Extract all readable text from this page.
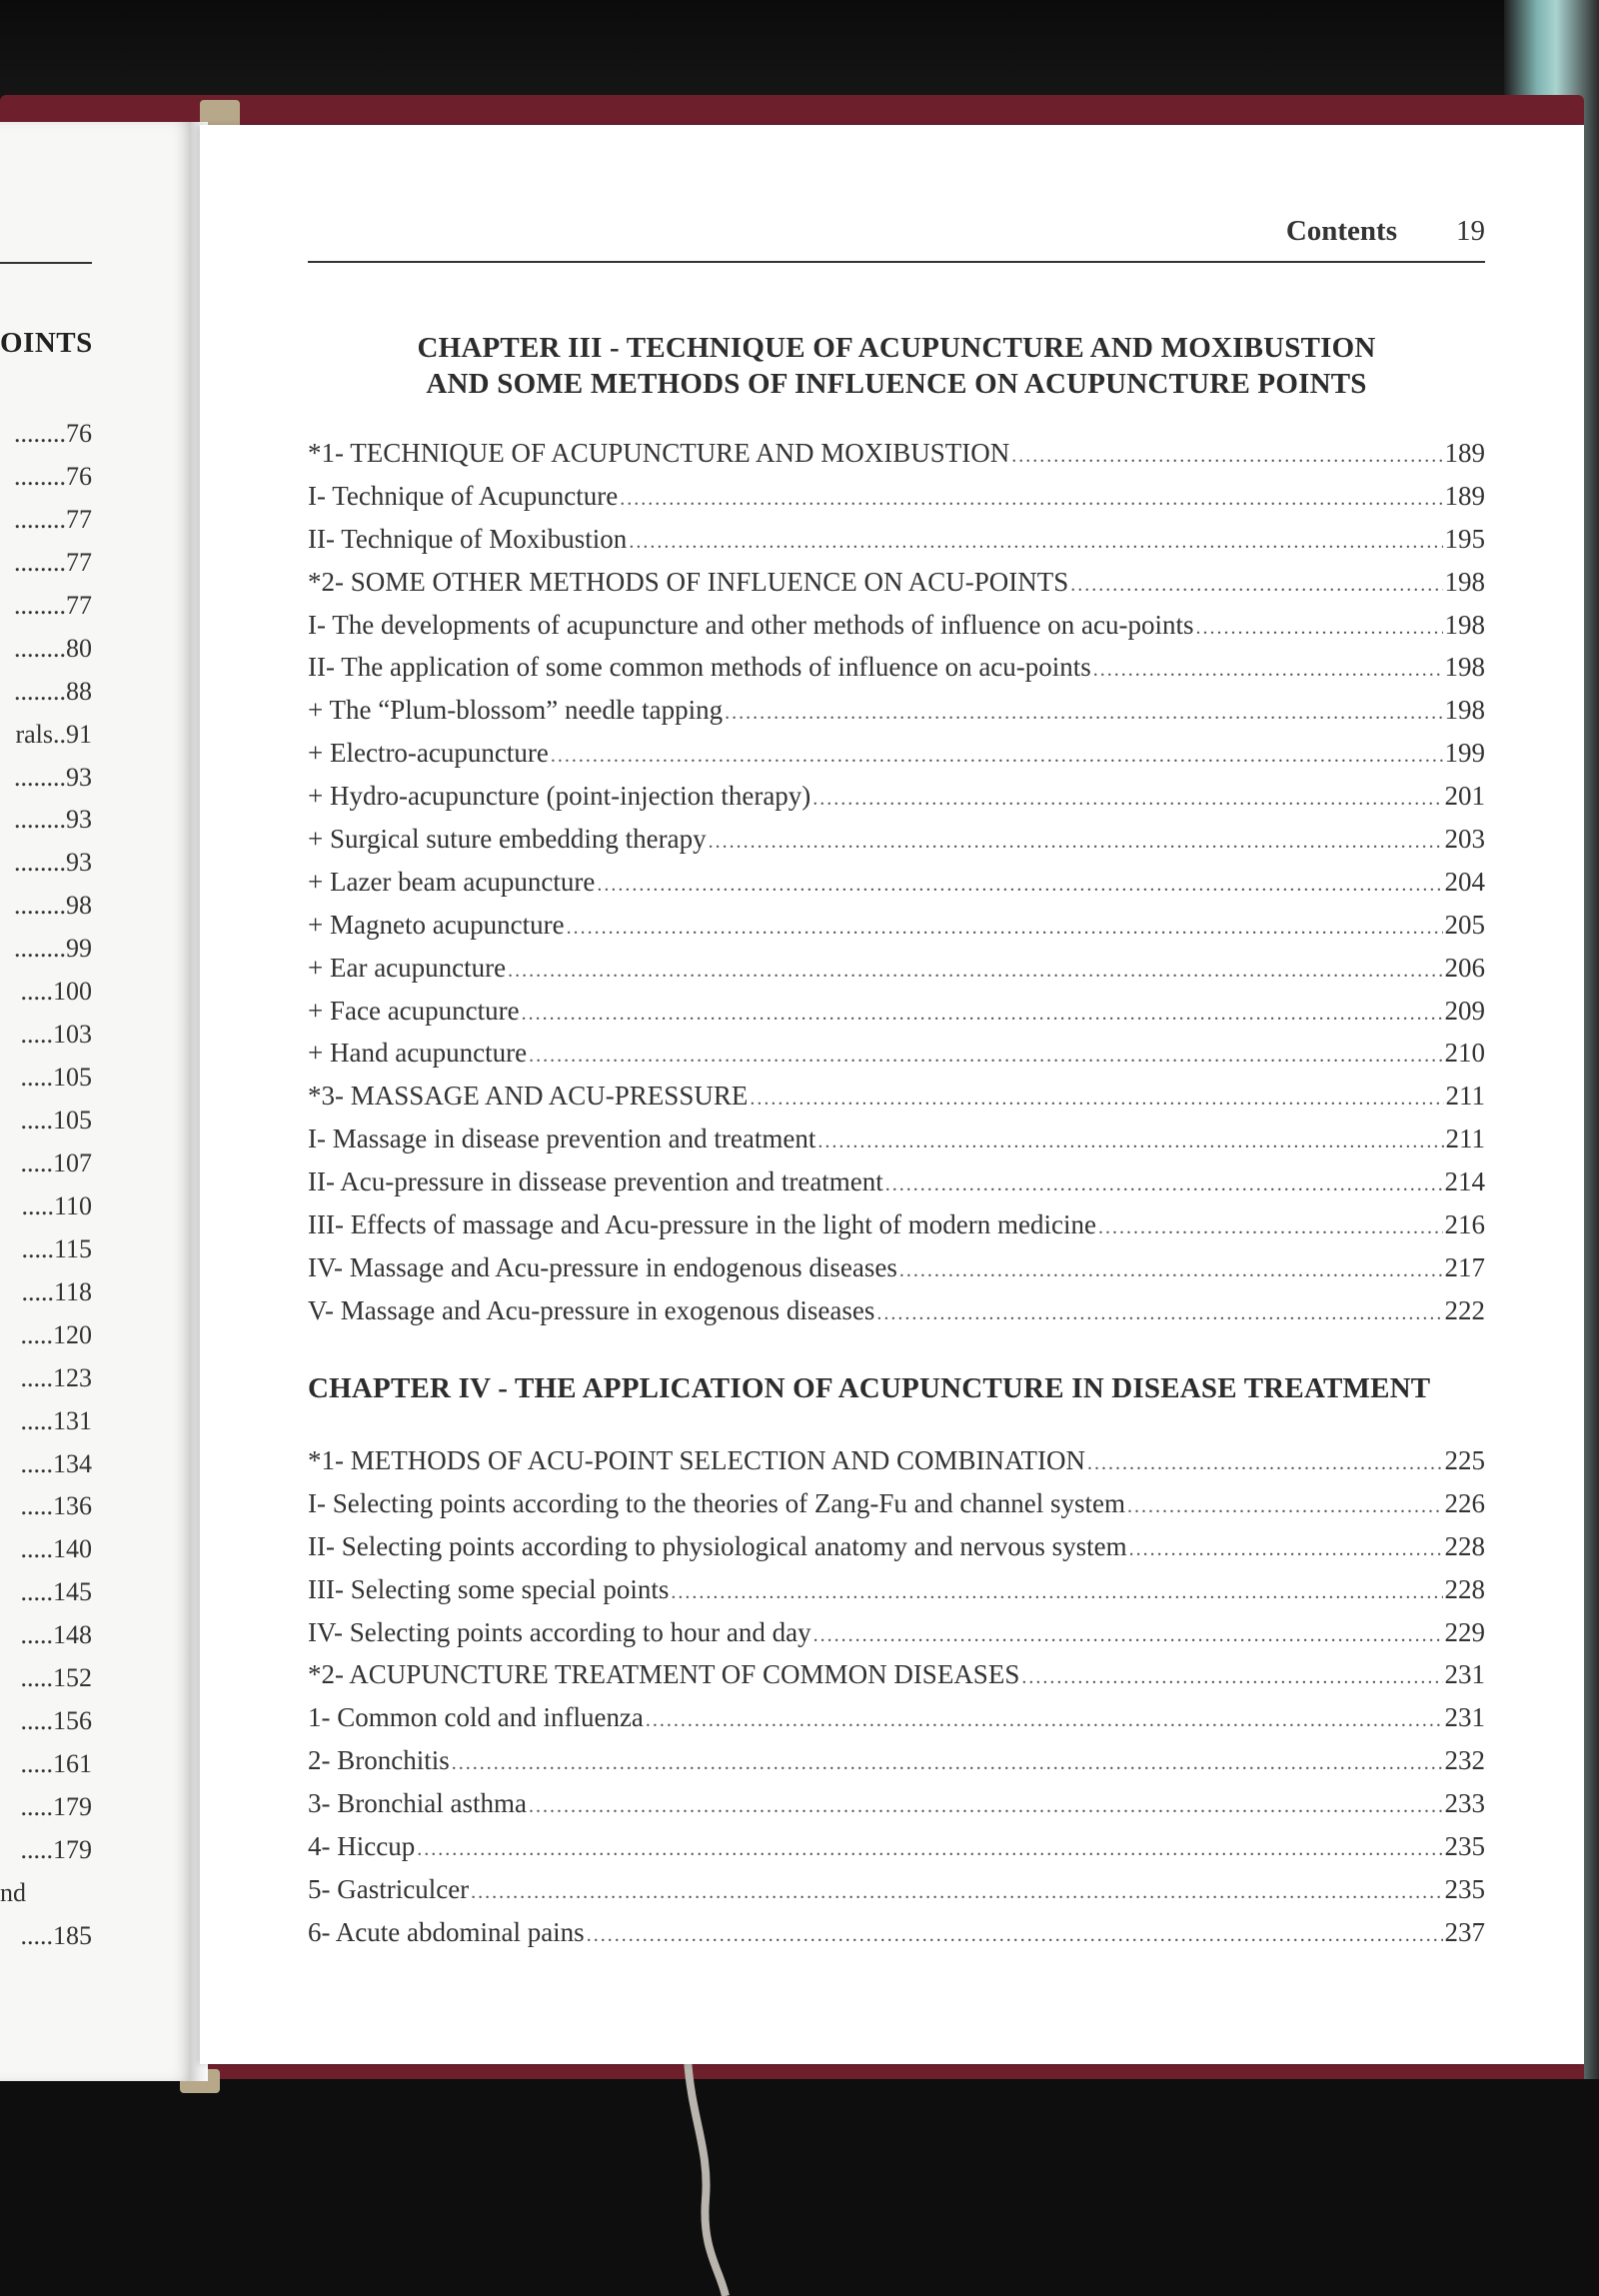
OINTS
........76
........76
........77
........77
........77
........80
........88
rals..91
........93
........93
........93
........98
........99
.....100
.....103
.....105
.....105
.....107
.....110
.....115
.....118
.....120
.....123
.....131
.....134
.....136
.....140
.....145
.....148
.....152
.....156
.....161
.....179
.....179
nd
.....185
Contents 19
CHAPTER III - TECHNIQUE OF ACUPUNCTURE AND MOXIBUSTION
AND SOME METHODS OF INFLUENCE ON ACUPUNCTURE POINTS
*1- TECHNIQUE OF ACUPUNCTURE AND MOXIBUSTION .....	189
I- Technique of Acupuncture .....	189
II- Technique of Moxibustion .....	195
*2- SOME OTHER METHODS OF INFLUENCE ON ACU-POINTS .....	198
I- The developments of acupuncture and other methods of influence on acu-points .....	198
II- The application of some common methods of influence on acu-points .....	198
+ The “Plum-blossom” needle tapping .....	198
+ Electro-acupuncture .....	199
+ Hydro-acupuncture (point-injection therapy) .....	201
+ Surgical suture embedding therapy .....	203
+ Lazer beam acupuncture .....	204
+ Magneto acupuncture .....	205
+ Ear acupuncture .....	206
+ Face acupuncture .....	209
+ Hand acupuncture .....	210
*3- MASSAGE AND ACU-PRESSURE .....	211
I- Massage in disease prevention and treatment .....	211
II- Acu-pressure in dissease prevention and treatment .....	214
III- Effects of massage and Acu-pressure in the light of modern medicine .....	216
IV- Massage and Acu-pressure in endogenous diseases .....	217
V- Massage and Acu-pressure in exogenous diseases .....	222
CHAPTER IV - THE APPLICATION OF ACUPUNCTURE IN DISEASE TREATMENT
*1- METHODS OF ACU-POINT SELECTION AND COMBINATION .....	225
I- Selecting points according to the theories of Zang-Fu and channel system .....	226
II- Selecting points according to physiological anatomy and nervous system .....	228
III- Selecting some special points .....	228
IV- Selecting points according to hour and day .....	229
*2- ACUPUNCTURE TREATMENT OF COMMON DISEASES .....	231
1- Common cold and influenza .....	231
2- Bronchitis .....	232
3- Bronchial asthma .....	233
4- Hiccup .....	235
5- Gastriculcer .....	235
6- Acute abdominal pains .....	237
